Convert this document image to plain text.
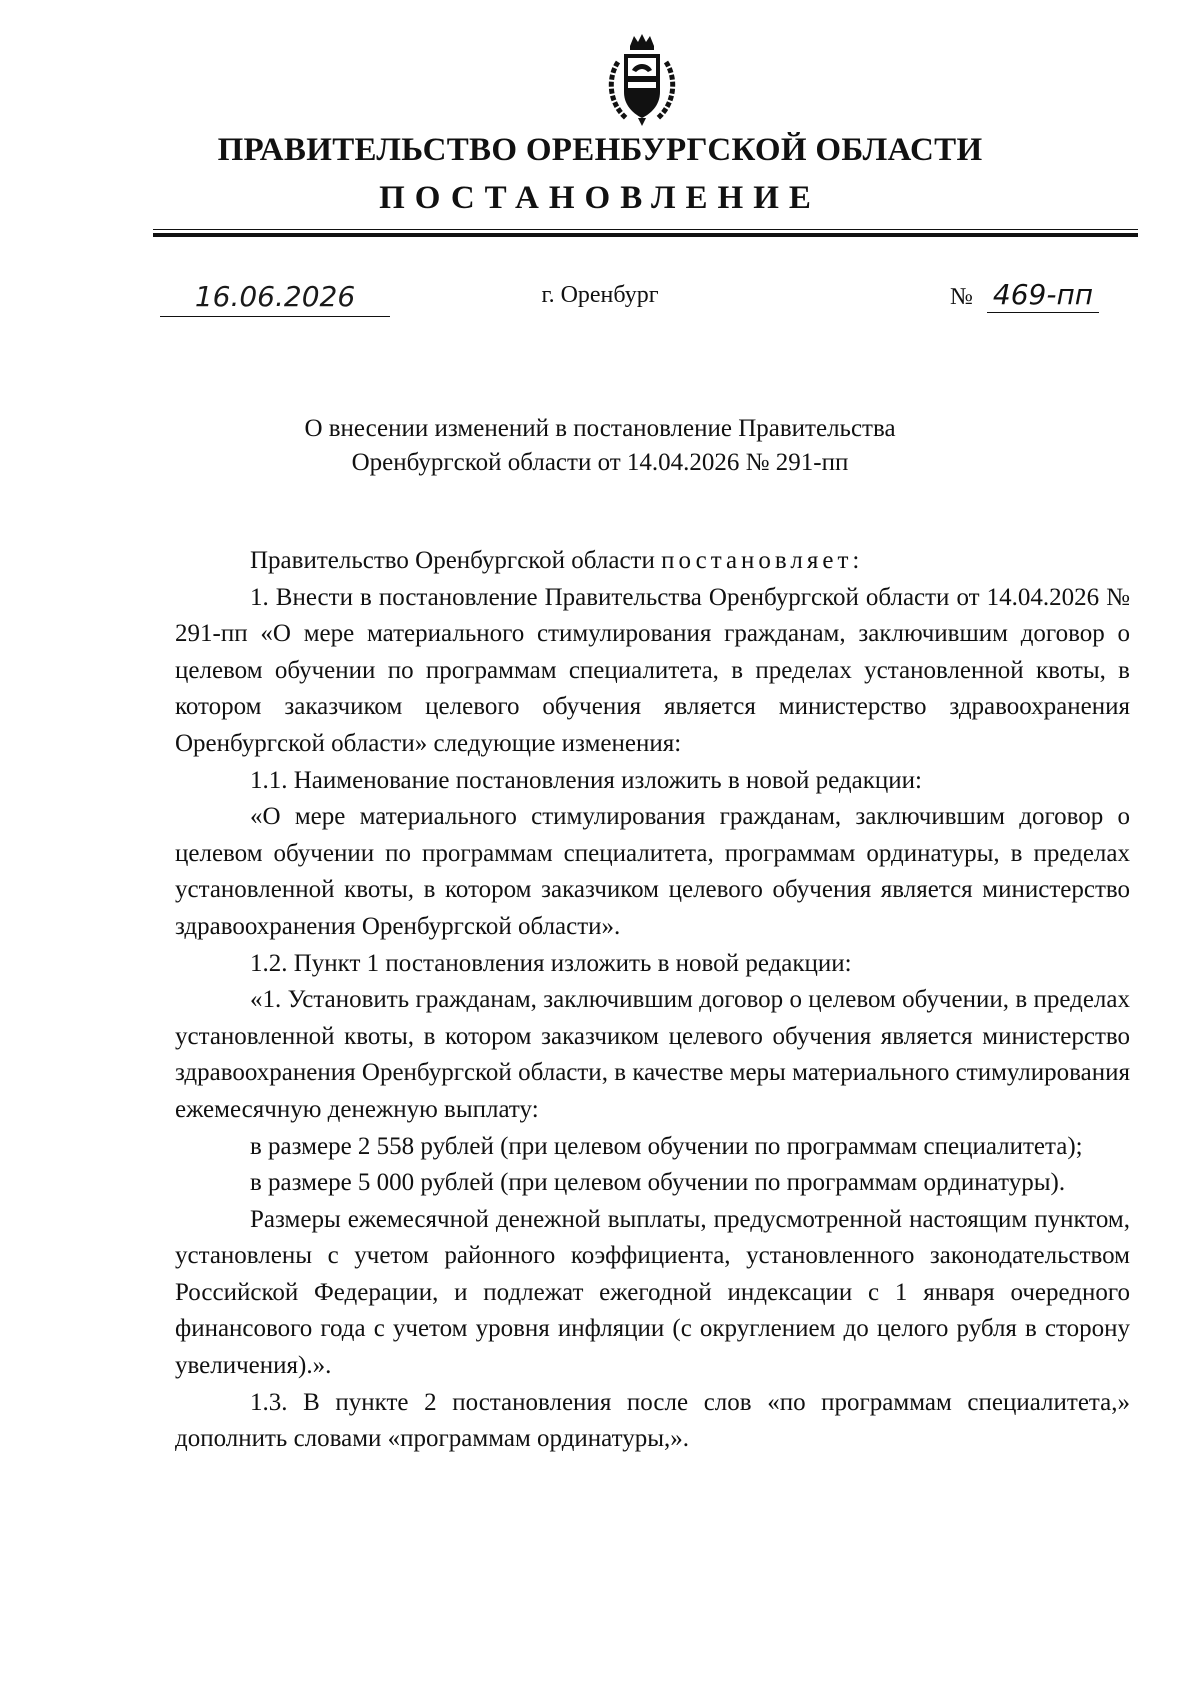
ПРАВИТЕЛЬСТВО ОРЕНБУРГСКОЙ ОБЛАСТИ
ПОСТАНОВЛЕНИЕ
16.06.2026	г. Оренбург	№ 469-пп
О внесении изменений в постановление Правительства
Оренбургской области от 14.04.2026 № 291-пп

Правительство Оренбургской области постановляет:

1. Внести в постановление Правительства Оренбургской области от 14.04.2026 № 291-пп «О мере материального стимулирования гражданам, заключившим договор о целевом обучении по программам специалитета, в пределах установленной квоты, в котором заказчиком целевого обучения является министерство здравоохранения Оренбургской области» следующие изменения:

1.1. Наименование постановления изложить в новой редакции:

«О мере материального стимулирования гражданам, заключившим договор о целевом обучении по программам специалитета, программам ординатуры, в пределах установленной квоты, в котором заказчиком целевого обучения является министерство здравоохранения Оренбургской области».

1.2. Пункт 1 постановления изложить в новой редакции:

«1. Установить гражданам, заключившим договор о целевом обучении, в пределах установленной квоты, в котором заказчиком целевого обучения является министерство здравоохранения Оренбургской области, в качестве меры материального стимулирования ежемесячную денежную выплату:

в размере 2 558 рублей (при целевом обучении по программам специалитета);

в размере 5 000 рублей (при целевом обучении по программам ординатуры).

Размеры ежемесячной денежной выплаты, предусмотренной настоящим пунктом, установлены с учетом районного коэффициента, установленного законодательством Российской Федерации, и подлежат ежегодной индексации с 1 января очередного финансового года с учетом уровня инфляции (с округлением до целого рубля в сторону увеличения).».

1.3. В пункте 2 постановления после слов «по программам специалитета,» дополнить словами «программам ординатуры,».
